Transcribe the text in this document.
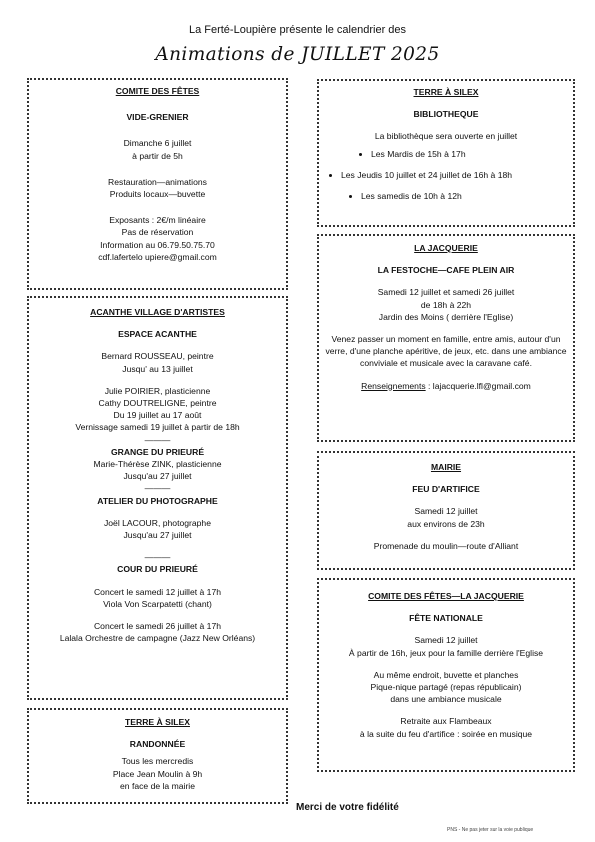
La Ferté-Loupière présente le calendrier des
Animations de JUILLET 2025

COMITE DES FÊTES

VIDE-GRENIER

Dimanche 6 juillet

à partir de 5h

Restauration—animations

Produits locaux—buvette

Exposants : 2€/m linéaire

Pas de réservation

Information au 06.79.50.75.70

cdf.lafertelo upiere@gmail.com

ACANTHE VILLAGE D'ARTISTES

ESPACE ACANTHE

Bernard ROUSSEAU, peintre

Jusqu' au 13 juillet

Julie POIRIER, plasticienne

Cathy DOUTRELIGNE, peintre

Du 19 juillet au 17 août

Vernissage samedi 19 juillet à partir de 18h

———

GRANGE DU PRIEURÉ

Marie-Thérèse ZINK, plasticienne

Jusqu'au 27 juillet

———

ATELIER DU PHOTOGRAPHE

Joël LACOUR, photographe

Jusqu'au 27 juillet

———

COUR DU PRIEURÉ

Concert le samedi 12 juillet à 17h

Viola Von Scarpatetti (chant)

Concert le samedi 26 juillet à 17h

Lalala Orchestre de campagne (Jazz New Orléans)

TERRE À SILEX

RANDONNÉE

Tous les mercredis

Place Jean Moulin à 9h

en face de la mairie

TERRE À SILEX

BIBLIOTHEQUE

La bibliothèque sera ouverte en juillet

• Les Mardis de 15h à 17h
• Les Jeudis 10 juillet et 24 juillet de 16h à 18h
• Les samedis de 10h à 12h

LA JACQUERIE

LA FESTOCHE—CAFE PLEIN AIR

Samedi 12 juillet et samedi 26 juillet

de 18h à 22h

Jardin des Moins ( derrière l'Eglise)

Venez passer un moment en famille, entre amis, autour d'un verre, d'une planche apéritive, de jeux, etc. dans une ambiance conviviale et musicale avec la caravane café.

Renseignements : lajacquerie.lfl@gmail.com

MAIRIE

FEU D'ARTIFICE

Samedi 12 juillet

aux environs de 23h

Promenade du moulin—route d'Alliant

COMITE DES FÊTES—LA JACQUERIE

FÊTE NATIONALE

Samedi 12 juillet

À partir de 16h, jeux pour la famille derrière l'Eglise

Au même endroit, buvette et planches

Pique-nique partagé (repas républicain)

dans une ambiance musicale

Retraite aux Flambeaux

à la suite du feu d'artifice : soirée en musique

Merci de votre fidélité
PNS - Ne pas jeter sur la voie publique
